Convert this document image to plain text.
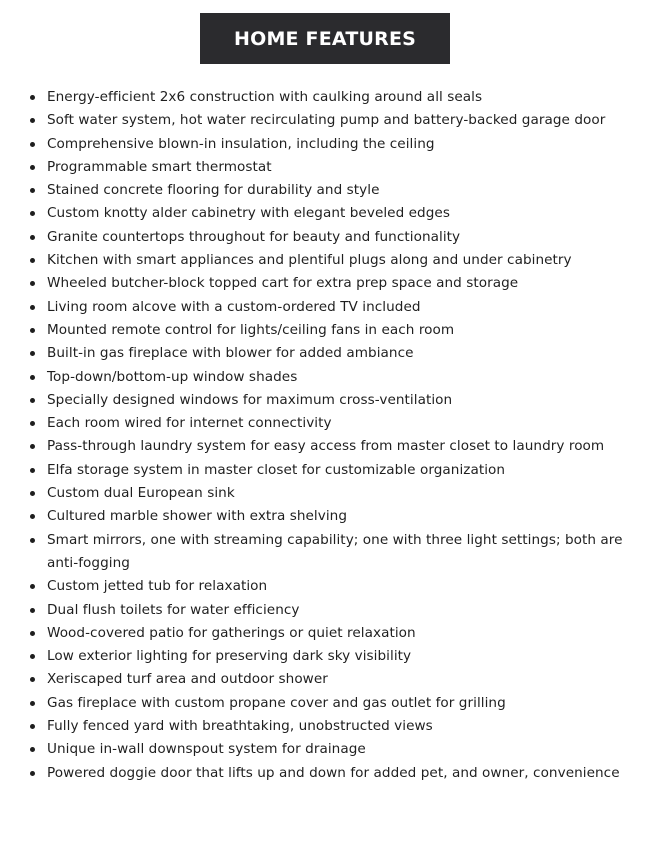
HOME FEATURES
Energy-efficient 2x6 construction with caulking around all seals
Soft water system, hot water recirculating pump and battery-backed garage door
Comprehensive blown-in insulation, including the ceiling
Programmable smart thermostat
Stained concrete flooring for durability and style
Custom knotty alder cabinetry with elegant beveled edges
Granite countertops throughout for beauty and functionality
Kitchen with smart appliances and plentiful plugs along and under cabinetry
Wheeled butcher-block topped cart for extra prep space and storage
Living room alcove with a custom-ordered TV included
Mounted remote control for lights/ceiling fans in each room
Built-in gas fireplace with blower for added ambiance
Top-down/bottom-up window shades
Specially designed windows for maximum cross-ventilation
Each room wired for internet connectivity
Pass-through laundry system for easy access from master closet to laundry room
Elfa storage system in master closet for customizable organization
Custom dual European sink
Cultured marble shower with extra shelving
Smart mirrors, one with streaming capability; one with three light settings; both are anti-fogging
Custom jetted tub for relaxation
Dual flush toilets for water efficiency
Wood-covered patio for gatherings or quiet relaxation
Low exterior lighting for preserving dark sky visibility
Xeriscaped turf area and outdoor shower
Gas fireplace with custom propane cover and gas outlet for grilling
Fully fenced yard with breathtaking, unobstructed views
Unique in-wall downspout system for drainage
Powered doggie door that lifts up and down for added pet, and owner, convenience
